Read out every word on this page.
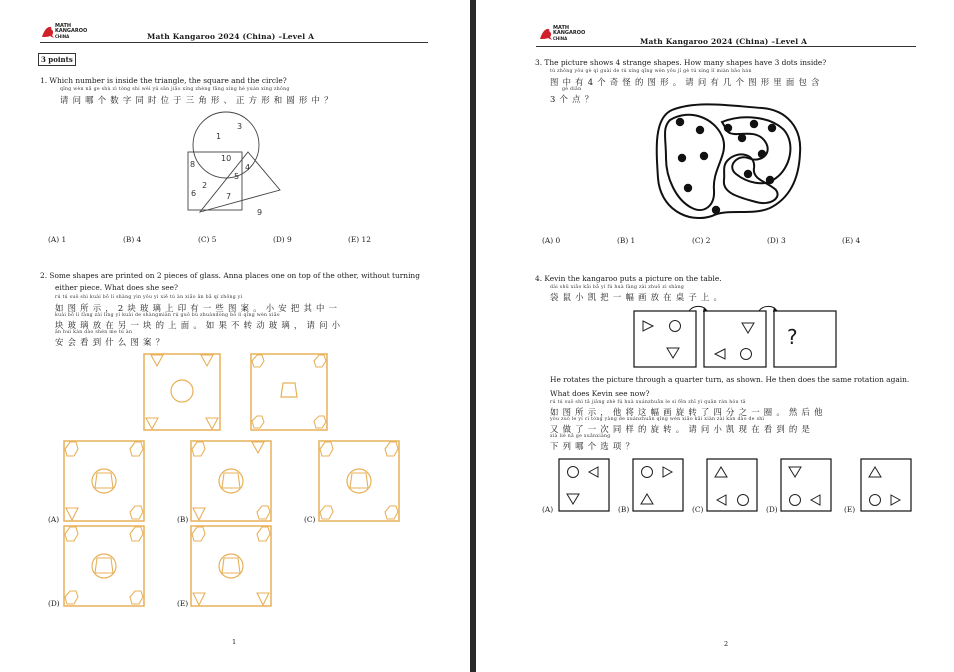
MATH
KANGAROO
CHINA	Math Kangaroo 2024 (China) –Level A
3 points
1. Which number is inside the triangle, the square and the circle?
qǐng wèn nǎ ge shù zì tóng shí wèi yú sān jiǎo xíng zhèng fāng xíng hé yuán xíng zhōng
请问哪个数字同时位于三角形、正方形和圆形中？
3
1
10
8	4
5
2
6	7
9
(A) 1	(B) 4	(C) 5	(D) 9	(E) 12
2. Some shapes are printed on 2 pieces of glass. Anna places one on top of the other, without turning
either piece. What does she see?
rú tú suǒ shì kuài bō li shàng yìn yǒu yì xiē tú àn xiǎo ān bǎ qí zhōng yí
如图所示，2块玻璃上印有一些图案。小安把其中一
kuài bō li fàng zài lìng yí kuài de shàngmiàn rú guǒ bù zhuàndòng bō li qǐng wèn xiǎo
块玻璃放在另一块的上面。如果不转动玻璃，请问小
ān huì kàn dào shén me tú àn
安会看到什么图案？
(A)	(B)	(C)
(D)	(E)
1
MATH
KANGAROO
CHINA	Math Kangaroo 2024 (China) –Level A
3. The picture shows 4 strange shapes. How many shapes have 3 dots inside?
tú zhōng yǒu gè qí guài de tú xíng qǐng wèn yǒu jǐ gè tú xíng lǐ miàn bāo hán
图中有4个奇怪的图形。请问有几个图形里面包含
gè diǎn
3个点？
(A) 0	(B) 1	(C) 2	(D) 3	(E) 4
4. Kevin the kangaroo puts a picture on the table.
dài shǔ xiǎo kǎi bǎ yì fú huà fàng zài zhuō zi shàng
袋鼠小凯把一幅画放在桌子上。
?
He rotates the picture through a quarter turn, as shown. He then does the same rotation again.
What does Kevin see now?
rú tú suǒ shì tā jiāng zhè fú huà xuánzhuǎn le sì fēn zhī yì quān rán hòu tā
如图所示，他将这幅画旋转了四分之一圈。然后他
yòu zuò le yí cì tóng yàng de xuánzhuǎn qǐng wèn xiǎo kǎi xiàn zài kàn dào de shì
又做了一次同样的旋转。请问小凯现在看到的是
xià liè nǎ ge xuǎnxiàng
下列哪个选项？
(A)	(B)	(C)	(D)	(E)
2
